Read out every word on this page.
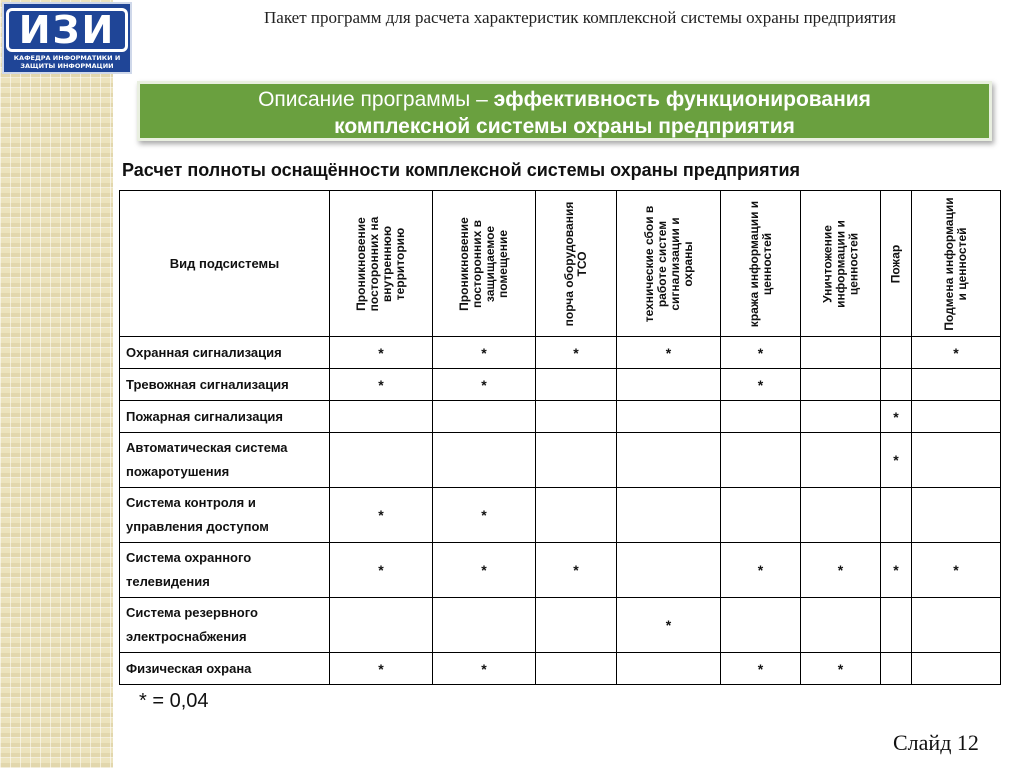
ИЗИ
КАФЕДРА ИНФОРМАТИКИ И
ЗАЩИТЫ ИНФОРМАЦИИ
Пакет программ для расчета характеристик комплексной системы охраны предприятия
Описание программы – эффективность функционирования
комплексной системы охраны предприятия
Расчет полноты оснащённости комплексной системы охраны предприятия
Вид подсистемы	Проникновение посторонних на внутреннюю территорию	Проникновение посторонних в защищаемое помещение	порча оборудования ТСО	технические сбои в работе систем сигнализации и охраны	кража информации и ценностей	Уничтожение информации и ценностей	Пожар	Подмена информации и ценностей

Охранная сигнализация	*	*	*	*	*			*
Тревожная сигнализация	*	*			*			
Пожарная сигнализация							*	
Автоматическая система пожаротушения							*	
Система контроля и управления доступом	*	*						
Система охранного телевидения	*	*	*		*	*	*	*
Система резервного электроснабжения				*				
Физическая охрана	*	*			*	*		
* = 0,04
Слайд 12
